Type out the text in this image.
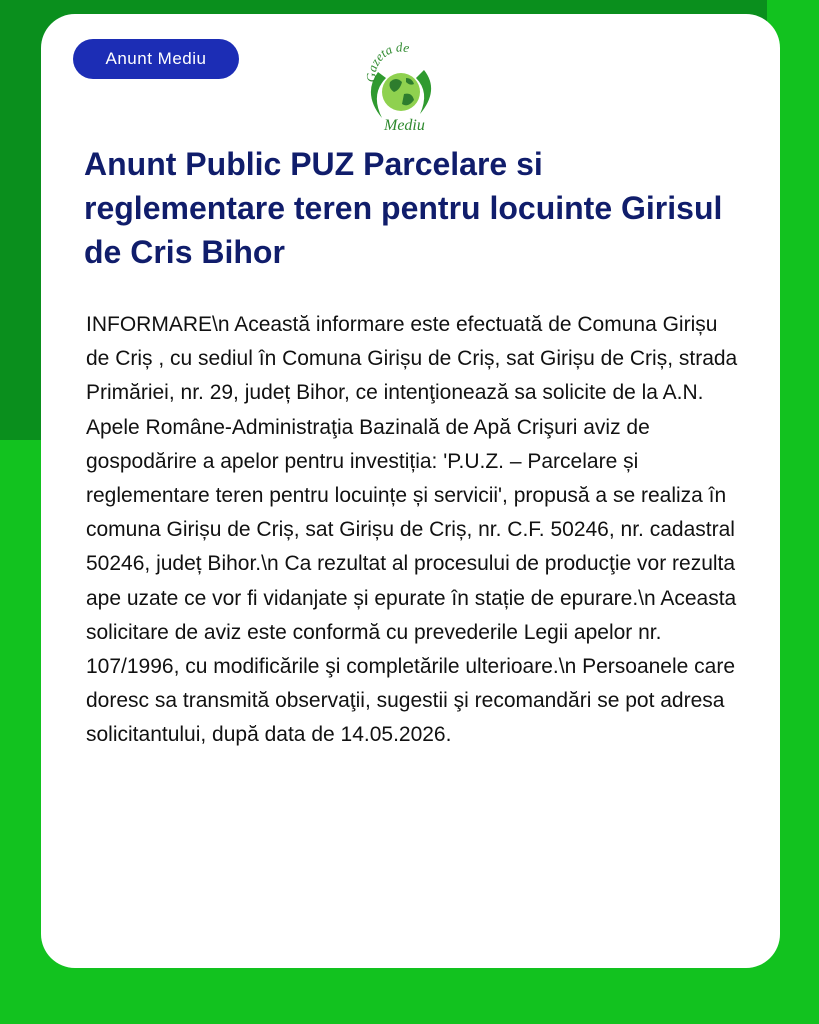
Anunt Mediu
Gazeta de
Mediu
Anunt Public PUZ Parcelare si reglementare teren pentru locuinte Girisul de Cris Bihor

INFORMARE\n Această informare este efectuată de Comuna Girișu de Criș , cu sediul în Comuna Girișu de Criș, sat Girișu de Criș, strada Primăriei, nr. 29, județ Bihor, ce intenţionează sa solicite de la A.N. Apele Române-Administraţia Bazinală de Apă Crişuri aviz de gospodărire a apelor pentru investiția: 'P.U.Z. – Parcelare și reglementare teren pentru locuințe și servicii', propusă a se realiza în comuna Girișu de Criș, sat Girișu de Criș, nr. C.F. 50246, nr. cadastral 50246, județ Bihor.\n Ca rezultat al procesului de producţie vor rezulta ape uzate ce vor fi vidanjate și epurate în stație de epurare.\n Aceasta solicitare de aviz este conformă cu prevederile Legii apelor nr. 107/1996, cu modificările şi completările ulterioare.\n Persoanele care doresc sa transmită observaţii, sugestii şi recomandări se pot adresa solicitantului, după data de 14.05.2026.
